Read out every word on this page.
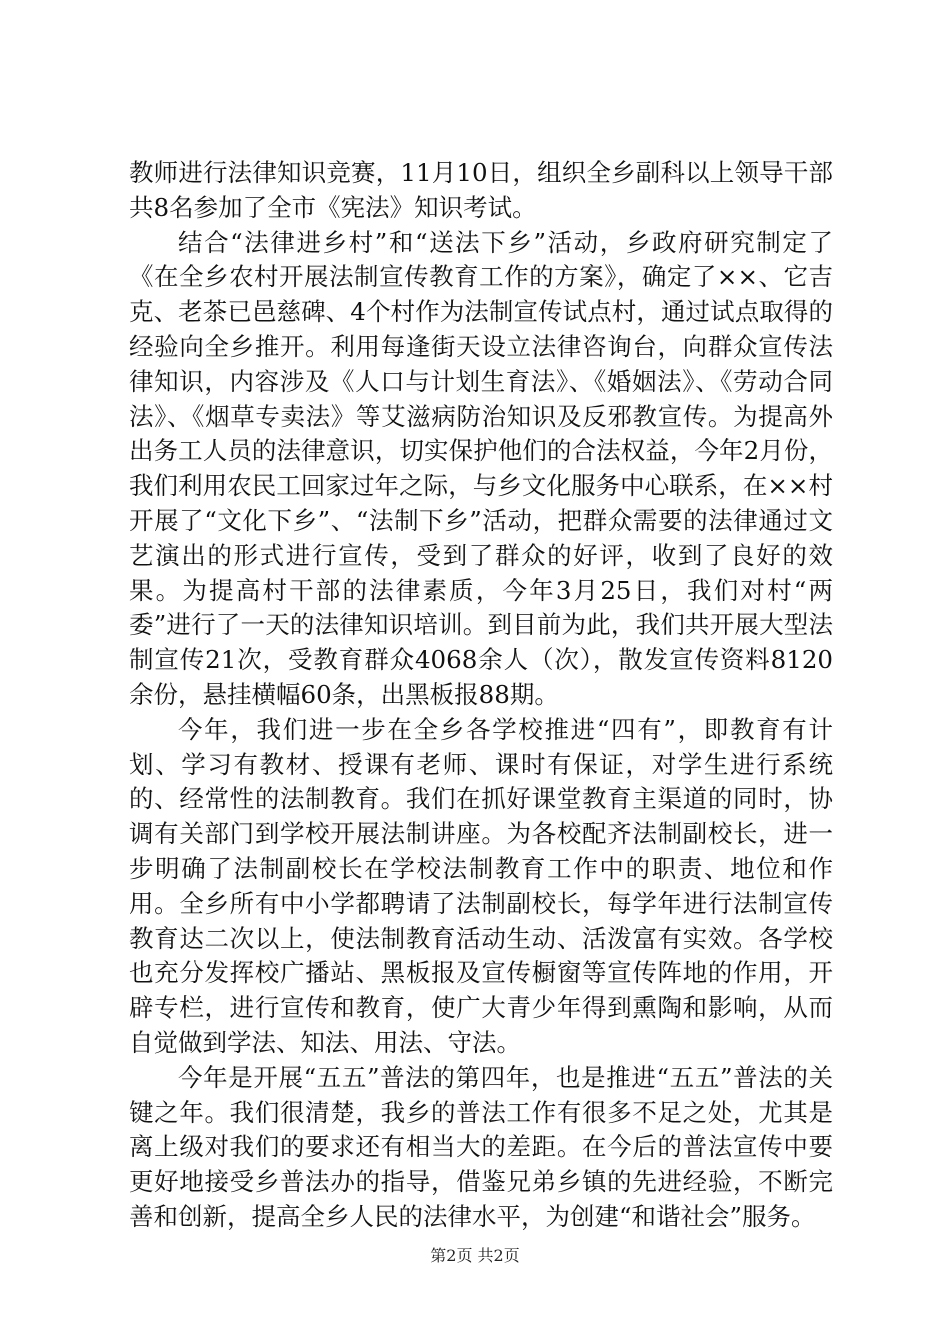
教师进行法律知识竞赛，11月10日，组织全乡副科以上领导干部共8名参加了全市《宪法》知识考试。

结合“法律进乡村”和“送法下乡”活动，乡政府研究制定了《在全乡农村开展法制宣传教育工作的方案》，确定了××、它吉克、老茶已邑慈碑、4个村作为法制宣传试点村，通过试点取得的经验向全乡推开。利用每逢街天设立法律咨询台，向群众宣传法律知识，内容涉及《人口与计划生育法》、《婚姻法》、《劳动合同法》、《烟草专卖法》等艾滋病防治知识及反邪教宣传。为提高外出务工人员的法律意识，切实保护他们的合法权益，今年2月份，我们利用农民工回家过年之际，与乡文化服务中心联系，在××村开展了“文化下乡”、“法制下乡”活动，把群众需要的法律通过文艺演出的形式进行宣传，受到了群众的好评，收到了良好的效果。为提高村干部的法律素质，今年3月25日，我们对村“两委”进行了一天的法律知识培训。到目前为此，我们共开展大型法制宣传21次，受教育群众4068余人（次），散发宣传资料8120余份，悬挂横幅60条，出黑板报88期。

今年，我们进一步在全乡各学校推进“四有”，即教育有计划、学习有教材、授课有老师、课时有保证，对学生进行系统的、经常性的法制教育。我们在抓好课堂教育主渠道的同时，协调有关部门到学校开展法制讲座。为各校配齐法制副校长，进一步明确了法制副校长在学校法制教育工作中的职责、地位和作用。全乡所有中小学都聘请了法制副校长，每学年进行法制宣传教育达二次以上，使法制教育活动生动、活泼富有实效。各学校也充分发挥校广播站、黑板报及宣传橱窗等宣传阵地的作用，开辟专栏，进行宣传和教育，使广大青少年得到熏陶和影响，从而自觉做到学法、知法、用法、守法。

今年是开展“五五”普法的第四年，也是推进“五五”普法的关键之年。我们很清楚，我乡的普法工作有很多不足之处，尤其是离上级对我们的要求还有相当大的差距。在今后的普法宣传中要更好地接受乡普法办的指导，借鉴兄弟乡镇的先进经验，不断完善和创新，提高全乡人民的法律水平，为创建“和谐社会”服务。

第2页 共2页
